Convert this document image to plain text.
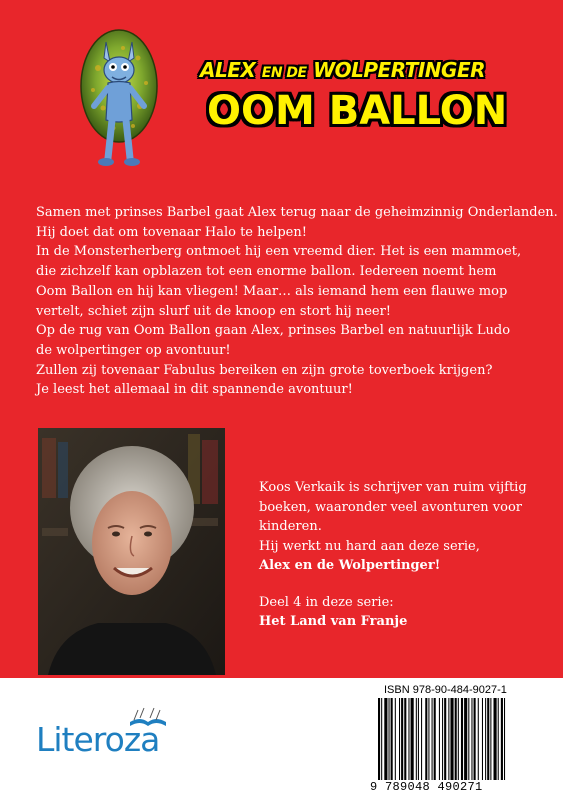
ALEX EN DE WOLPERTINGER
OOM BALLON

Samen met prinses Barbel gaat Alex terug naar de geheimzinnig Onderlanden.

Hij doet dat om tovenaar Halo te helpen!

In de Monsterherberg ontmoet hij een vreemd dier. Het is een mammoet,

die zichzelf kan opblazen tot een enorme ballon. Iedereen noemt hem

Oom Ballon en hij kan vliegen! Maar… als iemand hem een flauwe mop

vertelt, schiet zijn slurf uit de knoop en stort hij neer!

Op de rug van Oom Ballon gaan Alex, prinses Barbel en natuurlijk Ludo

de wolpertinger op avontuur!

Zullen zij tovenaar Fabulus bereiken en zijn grote toverboek krijgen?

Je leest het allemaal in dit spannende avontuur!

Koos Verkaik is schrijver van ruim vijftig

boeken, waaronder veel avonturen voor

kinderen.

Hij werkt nu hard aan deze serie,

Alex en de Wolpertinger!

Deel 4 in deze serie:

Het Land van Franje

Literoza
ISBN 978-90-484-9027-1
9 789048 490271
